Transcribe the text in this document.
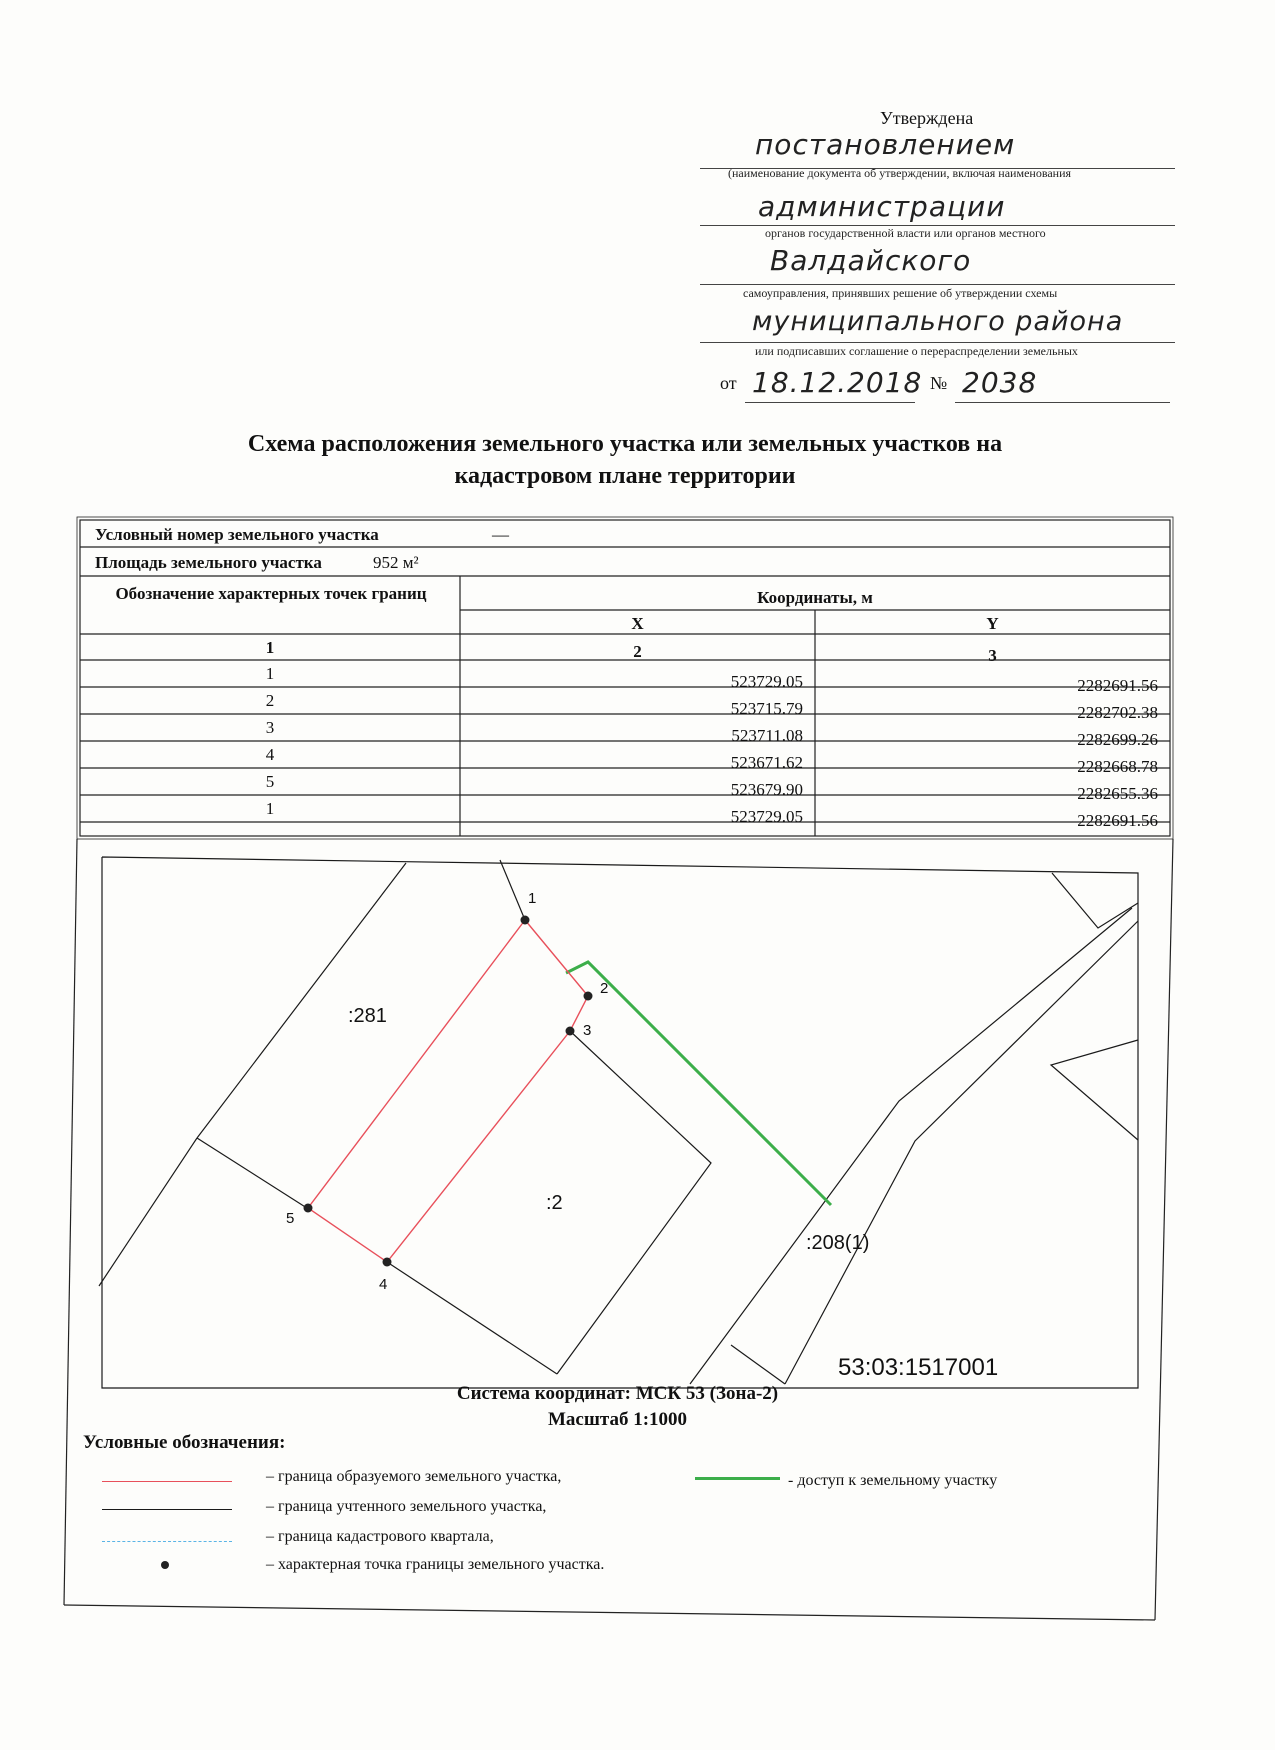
Утверждена
постановлением
(наименование документа об утверждении, включая наименования
администрации
органов государственной власти или органов местного
Валдайского
самоуправления, принявших решение об утверждении схемы
муниципального района
или подписавших соглашение о перераспределении земельных
от 18.12.2018 № 2038
Схема расположения земельного участка или земельных участков на
кадастровом плане территории
Условный номер земельного участка	—
Площадь земельного участка	952 м²
Обозначение характерных точек границ	Координаты, м
X	Y
1	2	3
1	523729.05	2282691.56
2	523715.79	2282702.38
3	523711.08	2282699.26
4	523671.62	2282668.78
5	523679.90	2282655.36
1	523729.05	2282691.56
:281
:2
:208(1)
53:03:1517001
1
2
3
4
5
Система координат: МСК 53 (Зона-2)
Масштаб 1:1000
Условные обозначения:
– граница образуемого земельного участка,
– граница учтенного земельного участка,
– граница кадастрового квартала,
– характерная точка границы земельного участка.
- доступ к земельному участку
